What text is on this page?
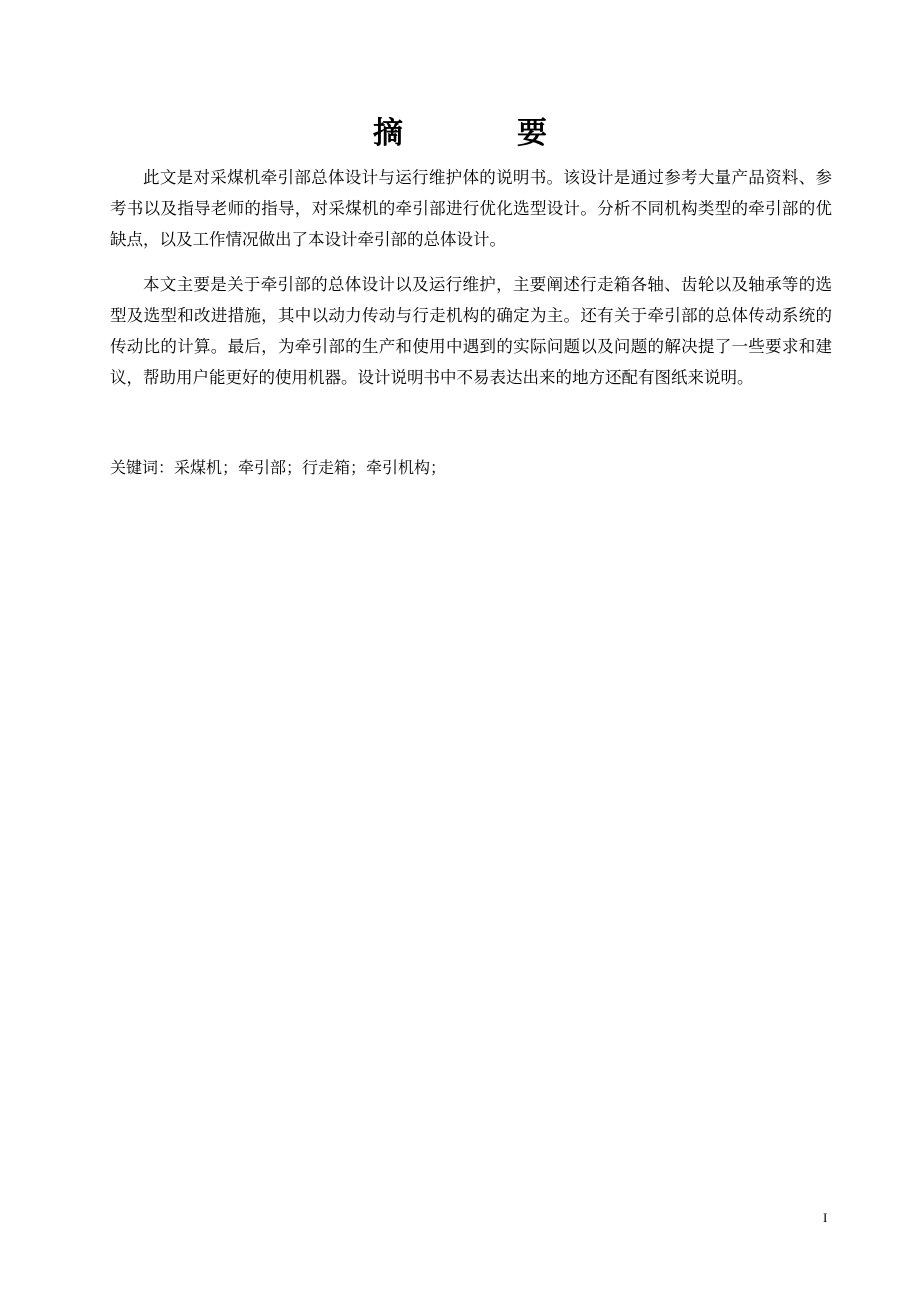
摘　要

此文是对采煤机牵引部总体设计与运行维护体的说明书。该设计是通过参考大量产品资料、参考书以及指导老师的指导，对采煤机的牵引部进行优化选型设计。分析不同机构类型的牵引部的优缺点，以及工作情况做出了本设计牵引部的总体设计。

本文主要是关于牵引部的总体设计以及运行维护，主要阐述行走箱各轴、齿轮以及轴承等的选型及选型和改进措施，其中以动力传动与行走机构的确定为主。还有关于牵引部的总体传动系统的传动比的计算。最后，为牵引部的生产和使用中遇到的实际问题以及问题的解决提了一些要求和建议，帮助用户能更好的使用机器。设计说明书中不易表达出来的地方还配有图纸来说明。

关键词：采煤机；牵引部；行走箱；牵引机构；
I
